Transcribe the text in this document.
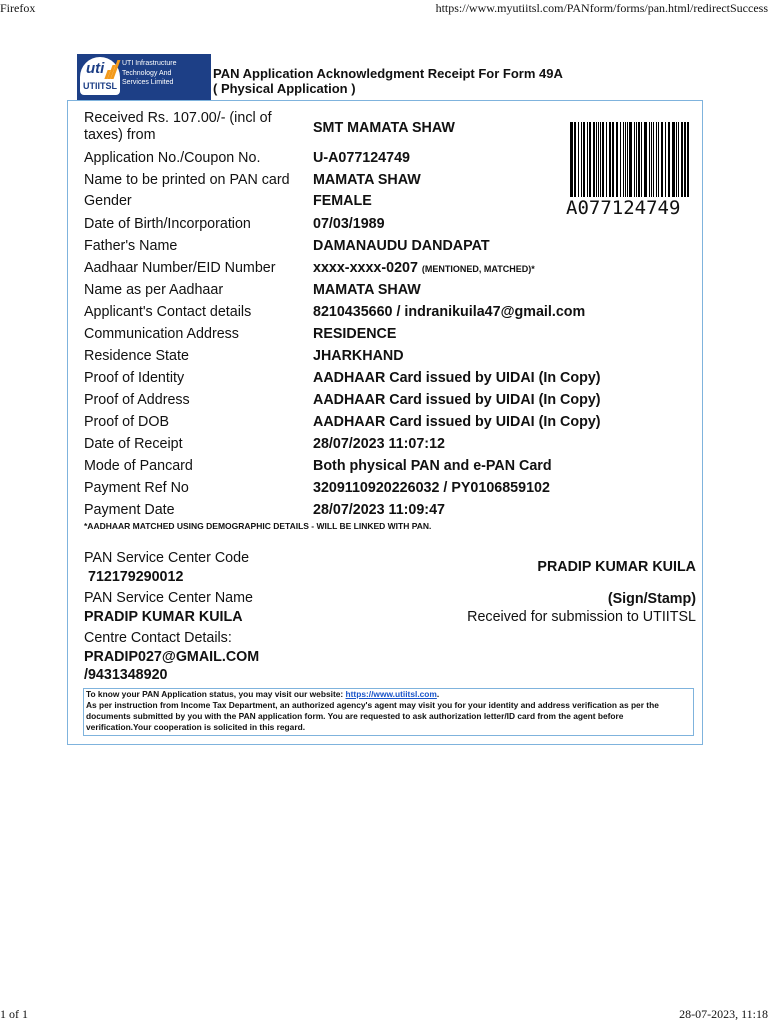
Firefox	https://www.myutiitsl.com/PANform/forms/pan.html/redirectSuccess
uti
UTIITSL
UTI Infrastructure
Technology And
Services Limited
PAN Application Acknowledgment Receipt For Form 49A
( Physical Application )
Received Rs. 107.00/- (incl of taxes) from	SMT MAMATA SHAW
Application No./Coupon No.	U-A077124749
Name to be printed on PAN card MAMATA SHAW
Gender	FEMALE
Date of Birth/Incorporation	07/03/1989
Father's Name	DAMANAUDU DANDAPAT
Aadhaar Number/EID Number	xxxx-xxxx-0207 (MENTIONED, MATCHED)*
Name as per Aadhaar	MAMATA SHAW
Applicant's Contact details	8210435660 / indranikuila47@gmail.com
Communication Address	RESIDENCE
Residence State	JHARKHAND
Proof of Identity	AADHAAR Card issued by UIDAI (In Copy)
Proof of Address	AADHAAR Card issued by UIDAI (In Copy)
Proof of DOB	AADHAAR Card issued by UIDAI (In Copy)
Date of Receipt	28/07/2023 11:07:12
Mode of Pancard	Both physical PAN and e-PAN Card
Payment Ref No	3209110920226032 / PY0106859102
Payment Date	28/07/2023 11:09:47
*AADHAAR MATCHED USING DEMOGRAPHIC DETAILS - WILL BE LINKED WITH PAN.
A077124749
PAN Service Center Code
712179290012
PAN Service Center Name
PRADIP KUMAR KUILA
Centre Contact Details:
PRADIP027@GMAIL.COM
/9431348920
PRADIP KUMAR KUILA
(Sign/Stamp)
Received for submission to UTIITSL
To know your PAN Application status, you may visit our website: https://www.utiitsl.com.
As per instruction from Income Tax Department, an authorized agency's agent may visit you for your identity and address verification as per the documents submitted by you with the PAN application form. You are requested to ask authorization letter/ID card from the agent before verification.Your cooperation is solicited in this regard.
1 of 1	28-07-2023, 11:18
